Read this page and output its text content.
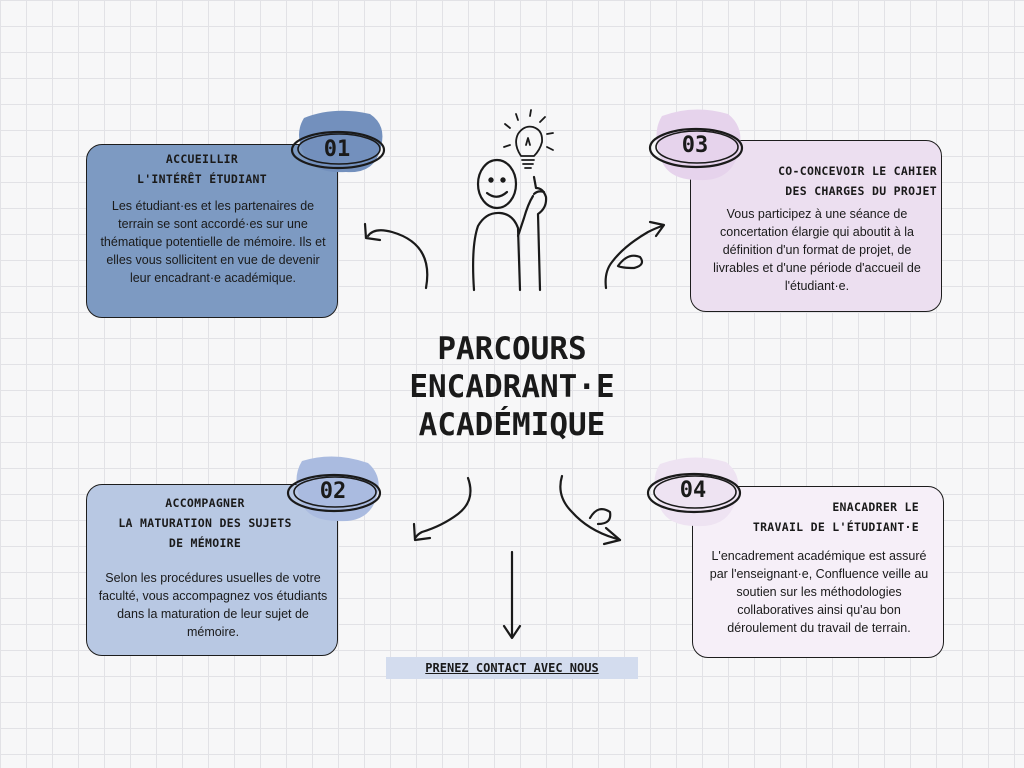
ACCUEILLIR
L'INTÉRÊT ÉTUDIANT

Les étudiant·es et les partenaires de terrain se sont accordé·es sur une thématique potentielle de mémoire. Ils et elles vous sollicitent en vue de devenir leur encadrant·e académique.

01

ACCOMPAGNER
LA MATURATION DES SUJETS
DE MÉMOIRE

Selon les procédures usuelles de votre faculté, vous accompagnez vos étudiants dans la maturation de leur sujet de mémoire.

02

CO-CONCEVOIR LE CAHIER
DES CHARGES DU PROJET

Vous participez à une séance de concertation élargie qui aboutit à la définition d'un format de projet, de livrables et d'une période d'accueil de l'étudiant·e.

03

ENACADRER LE
TRAVAIL DE L'ÉTUDIANT·E

L'encadrement académique est assuré par l'enseignant·e, Confluence veille au soutien sur les méthodologies collaboratives ainsi qu'au bon déroulement du travail de terrain.

04
PARCOURS
ENCADRANT·E
ACADÉMIQUE
PRENEZ CONTACT AVEC NOUS
